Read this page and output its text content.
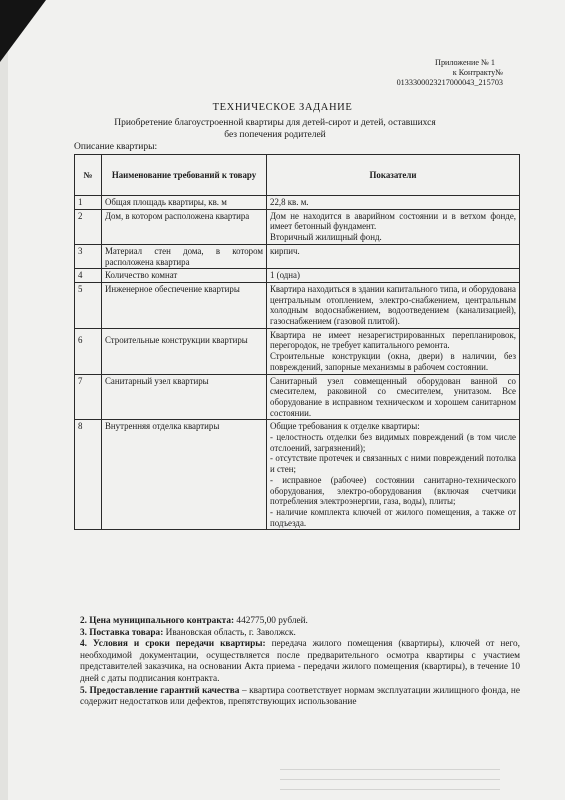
Приложение № 1
к Контракту№
0133300023217000043_215703
ТЕХНИЧЕСКОЕ ЗАДАНИЕ
Приобретение благоустроенной квартиры для детей-сирот и детей, оставшихся без попечения родителей
Описание квартиры:
№	Наименование требований к товару	Показатели
1	Общая площадь квартиры, кв. м	22,8 кв. м.
2	Дом, в котором расположена квартира	Дом не находится в аварийном состоянии и в ветхом фонде, имеет бетонный фундамент.
Вторичный жилищный фонд.

3	Материал стен дома, в котором расположена квартира	кирпич.
4	Количество комнат	1 (одна)
5	Инженерное обеспечение квартиры	Квартира находиться в здании капитального типа, и оборудована центральным отоплением, электро-снабжением, центральным холодным водоснабжением, водоотведением (канализацией), газоснабжением (газовой плитой).
6	Строительные конструкции квартиры	Квартира не имеет незарегистрированных перепланировок, перегородок, не требует капитального ремонта.
Строительные конструкции (окна, двери) в наличии, без повреждений, запорные механизмы в рабочем состоянии.

7	Санитарный узел квартиры	Санитарный узел совмещенный оборудован ванной со смесителем, раковиной со смесителем, унитазом. Все оборудование в исправном техническом и хорошем санитарном состоянии.
8	Внутренняя отделка квартиры	Общие требования к отделке квартиры:
- целостность отделки без видимых повреждений (в том числе отслоений, загрязнений);
- отсутствие протечек и связанных с ними повреждений потолка и стен;
- исправное (рабочее) состоянии санитарно-технического оборудования, электро-оборудования (включая счетчики потребления электроэнергии, газа, воды), плиты;
- наличие комплекта ключей от жилого помещения, а также от подъезда.

2. Цена муниципального контракта: 442775,00 рублей.

3. Поставка товара: Ивановская область, г. Заволжск.

4. Условия и сроки передачи квартиры: передача жилого помещения (квартиры), ключей от него, необходимой документации, осуществляется после предварительного осмотра квартиры с участием представителей заказчика, на основании Акта приема - передачи жилого помещения (квартиры), в течение 10 дней с даты подписания контракта.

5. Предоставление гарантий качества – квартира соответствует нормам эксплуатации жилищного фонда, не содержит недостатков или дефектов, препятствующих использование
